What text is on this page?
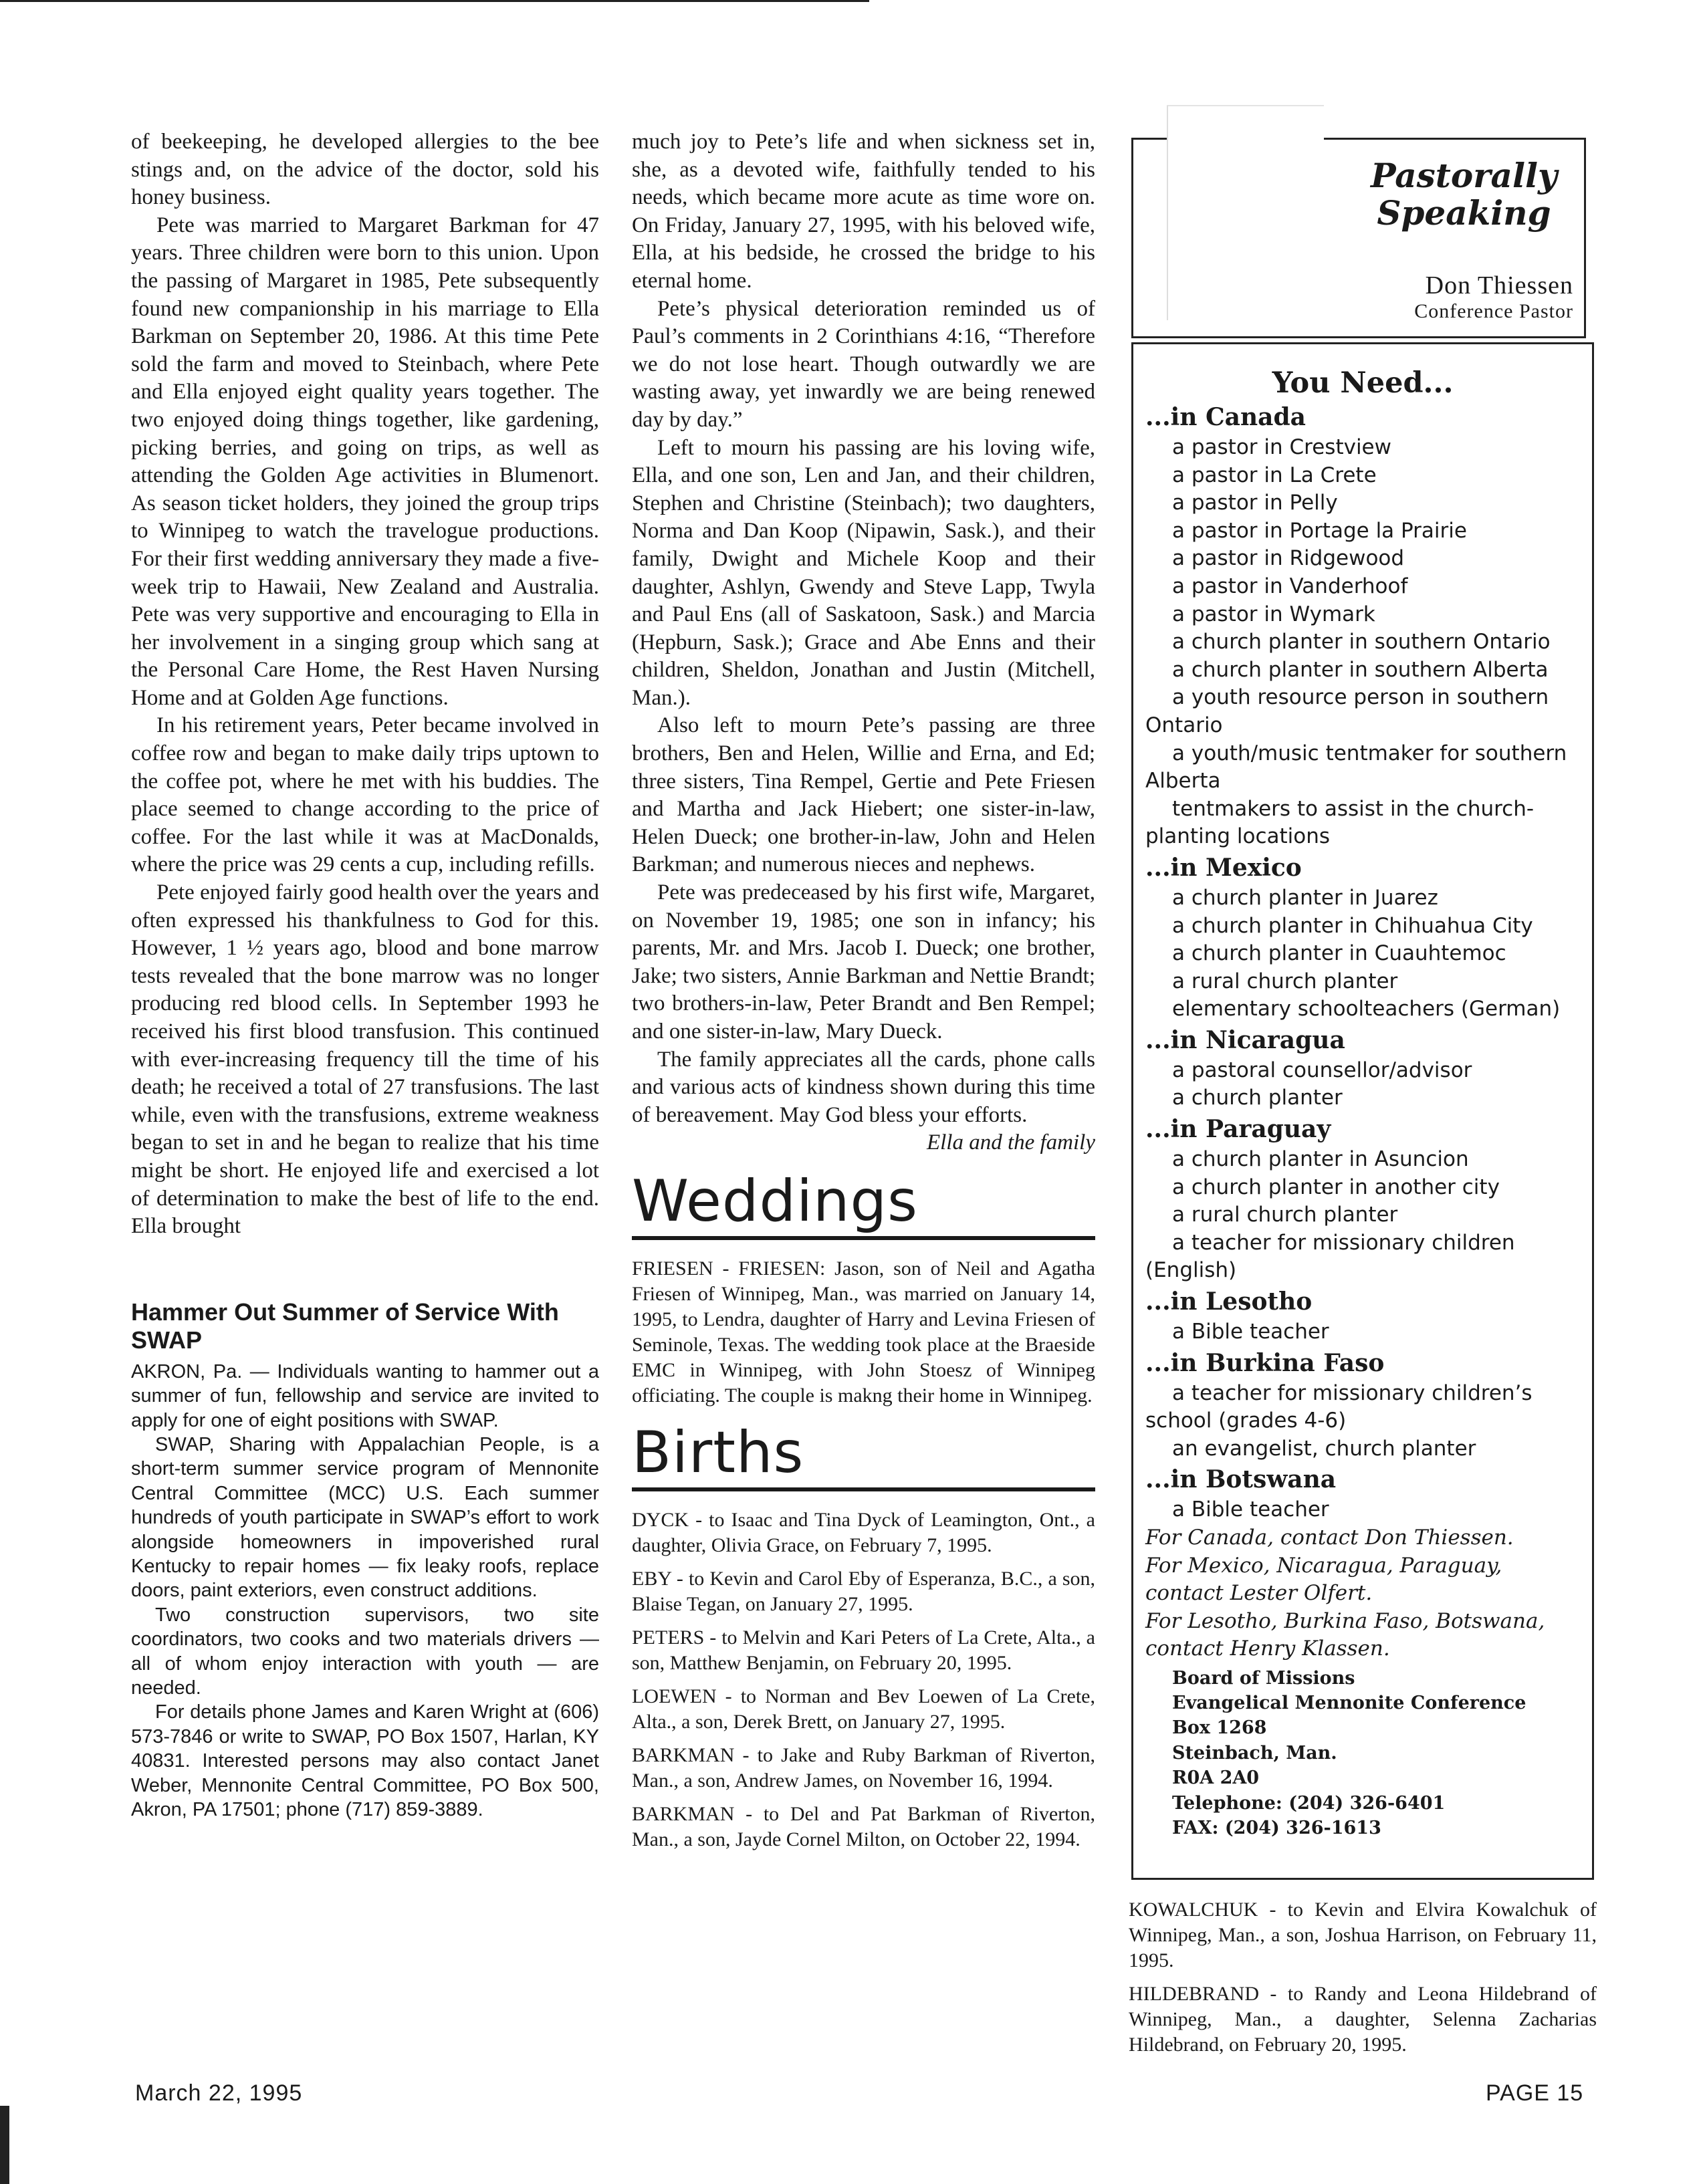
of beekeeping, he developed allergies to the bee stings and, on the advice of the doctor, sold his honey business.

Pete was married to Margaret Barkman for 47 years. Three children were born to this union. Upon the passing of Margaret in 1985, Pete subsequently found new companionship in his marriage to Ella Barkman on September 20, 1986. At this time Pete sold the farm and moved to Steinbach, where Pete and Ella enjoyed eight quality years together. The two enjoyed doing things together, like gardening, picking berries, and going on trips, as well as attending the Golden Age activities in Blumenort. As season ticket holders, they joined the group trips to Winnipeg to watch the travelogue productions. For their first wedding anniversary they made a five-week trip to Hawaii, New Zealand and Australia. Pete was very supportive and encouraging to Ella in her involvement in a singing group which sang at the Personal Care Home, the Rest Haven Nursing Home and at Golden Age functions.

In his retirement years, Peter became involved in coffee row and began to make daily trips uptown to the coffee pot, where he met with his buddies. The place seemed to change according to the price of coffee. For the last while it was at MacDonalds, where the price was 29 cents a cup, including refills.

Pete enjoyed fairly good health over the years and often expressed his thankfulness to God for this. However, 1 ½ years ago, blood and bone marrow tests revealed that the bone marrow was no longer producing red blood cells. In September 1993 he received his first blood transfusion. This continued with ever-increasing frequency till the time of his death; he received a total of 27 transfusions. The last while, even with the transfusions, extreme weakness began to set in and he began to realize that his time might be short. He enjoyed life and exercised a lot of determination to make the best of life to the end. Ella brought

Hammer Out Summer of Service With SWAP

AKRON, Pa. — Individuals wanting to hammer out a summer of fun, fellowship and service are invited to apply for one of eight positions with SWAP.

SWAP, Sharing with Appalachian People, is a short-term summer service program of Mennonite Central Committee (MCC) U.S. Each summer hundreds of youth participate in SWAP’s effort to work alongside homeowners in impoverished rural Kentucky to repair homes — fix leaky roofs, replace doors, paint exteriors, even construct additions.

Two construction supervisors, two site coordinators, two cooks and two materials drivers — all of whom enjoy interaction with youth — are needed.

For details phone James and Karen Wright at (606) 573-7846 or write to SWAP, PO Box 1507, Harlan, KY 40831. Interested persons may also contact Janet Weber, Mennonite Central Committee, PO Box 500, Akron, PA 17501; phone (717) 859-3889.

much joy to Pete’s life and when sickness set in, she, as a devoted wife, faithfully tended to his needs, which became more acute as time wore on. On Friday, January 27, 1995, with his beloved wife, Ella, at his bedside, he crossed the bridge to his eternal home.

Pete’s physical deterioration reminded us of Paul’s comments in 2 Corinthians 4:16, “Therefore we do not lose heart. Though outwardly we are wasting away, yet inwardly we are being renewed day by day.”

Left to mourn his passing are his loving wife, Ella, and one son, Len and Jan, and their children, Stephen and Christine (Steinbach); two daughters, Norma and Dan Koop (Nipawin, Sask.), and their family, Dwight and Michele Koop and their daughter, Ashlyn, Gwendy and Steve Lapp, Twyla and Paul Ens (all of Saskatoon, Sask.) and Marcia (Hepburn, Sask.); Grace and Abe Enns and their children, Sheldon, Jonathan and Justin (Mitchell, Man.).

Also left to mourn Pete’s passing are three brothers, Ben and Helen, Willie and Erna, and Ed; three sisters, Tina Rempel, Gertie and Pete Friesen and Martha and Jack Hiebert; one sister-in-law, Helen Dueck; one brother-in-law, John and Helen Barkman; and numerous nieces and nephews.

Pete was predeceased by his first wife, Margaret, on November 19, 1985; one son in infancy; his parents, Mr. and Mrs. Jacob I. Dueck; one brother, Jake; two sisters, Annie Barkman and Nettie Brandt; two brothers-in-law, Peter Brandt and Ben Rempel; and one sister-in-law, Mary Dueck.

The family appreciates all the cards, phone calls and various acts of kindness shown during this time of bereavement. May God bless your efforts.

Ella and the family
Weddings

FRIESEN - FRIESEN: Jason, son of Neil and Agatha Friesen of Winnipeg, Man., was married on January 14, 1995, to Lendra, daughter of Harry and Levina Friesen of Seminole, Texas. The wedding took place at the Braeside EMC in Winnipeg, with John Stoesz of Winnipeg officiating. The couple is makng their home in Winnipeg.

Births

DYCK - to Isaac and Tina Dyck of Leamington, Ont., a daughter, Olivia Grace, on February 7, 1995.

EBY - to Kevin and Carol Eby of Esperanza, B.C., a son, Blaise Tegan, on January 27, 1995.

PETERS - to Melvin and Kari Peters of La Crete, Alta., a son, Matthew Benjamin, on February 20, 1995.

LOEWEN - to Norman and Bev Loewen of La Crete, Alta., a son, Derek Brett, on January 27, 1995.

BARKMAN - to Jake and Ruby Barkman of Riverton, Man., a son, Andrew James, on November 16, 1994.

BARKMAN - to Del and Pat Barkman of Riverton, Man., a son, Jayde Cornel Milton, on October 22, 1994.

Pastorally
Speaking
Don Thiessen
Conference Pastor
You Need...
...in Canada
a pastor in Crestview
a pastor in La Crete
a pastor in Pelly
a pastor in Portage la Prairie
a pastor in Ridgewood
a pastor in Vanderhoof
a pastor in Wymark
a church planter in southern Ontario
a church planter in southern Alberta
a youth resource person in southern Ontario
a youth/music tentmaker for southern Alberta
tentmakers to assist in the church-planting locations
...in Mexico
a church planter in Juarez
a church planter in Chihuahua City
a church planter in Cuauhtemoc
a rural church planter
elementary schoolteachers (German)
...in Nicaragua
a pastoral counsellor/advisor
a church planter
...in Paraguay
a church planter in Asuncion
a church planter in another city
a rural church planter
a teacher for missionary children (English)
...in Lesotho
a Bible teacher
...in Burkina Faso
a teacher for missionary children’s school (grades 4-6)
an evangelist, church planter
...in Botswana
a Bible teacher

For Canada, contact Don Thiessen.

For Mexico, Nicaragua, Paraguay, contact Lester Olfert.

For Lesotho, Burkina Faso, Botswana, contact Henry Klassen.

Board of Missions
Evangelical Mennonite Conference
Box 1268
Steinbach, Man.
R0A 2A0
Telephone: (204) 326-6401
FAX: (204) 326-1613

KOWALCHUK - to Kevin and Elvira Kowalchuk of Winnipeg, Man., a son, Joshua Harrison, on February 11, 1995.

HILDEBRAND - to Randy and Leona Hildebrand of Winnipeg, Man., a daughter, Selenna Zacharias Hildebrand, on February 20, 1995.

March 22, 1995	PAGE 15
